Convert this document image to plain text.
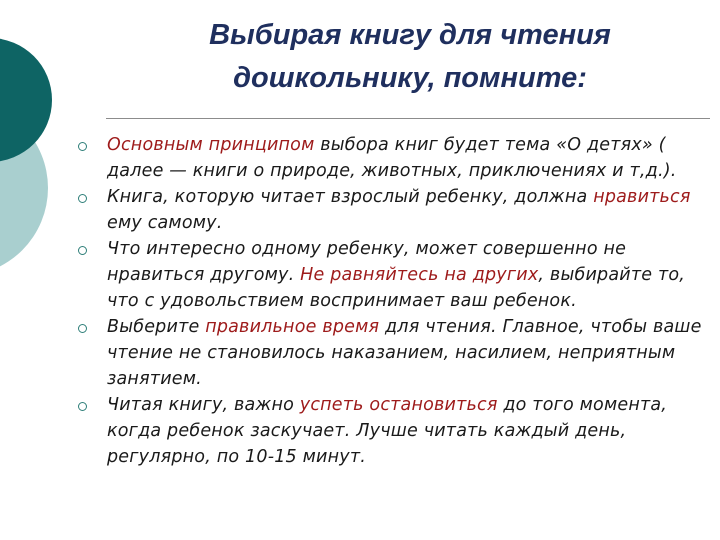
Выбирая книгу для чтения
дошкольнику, помните:
Основным принципом выбора книг будет тема «О детях» ( далее — книги о природе, животных, приключениях и т,д.).
Книга, которую читает взрослый ребенку, должна нравиться ему самому.
Что интересно одному ребенку, может совершенно не нравиться другому. Не равняйтесь на других, выбирайте то, что с удовольствием воспринимает ваш ребенок.
Выберите правильное время для чтения. Главное, чтобы ваше чтение не становилось наказанием, насилием, неприятным занятием.
Читая книгу, важно успеть остановиться до того момента, когда ребенок заскучает. Лучше читать каждый день, регулярно, по 10-15 минут.
